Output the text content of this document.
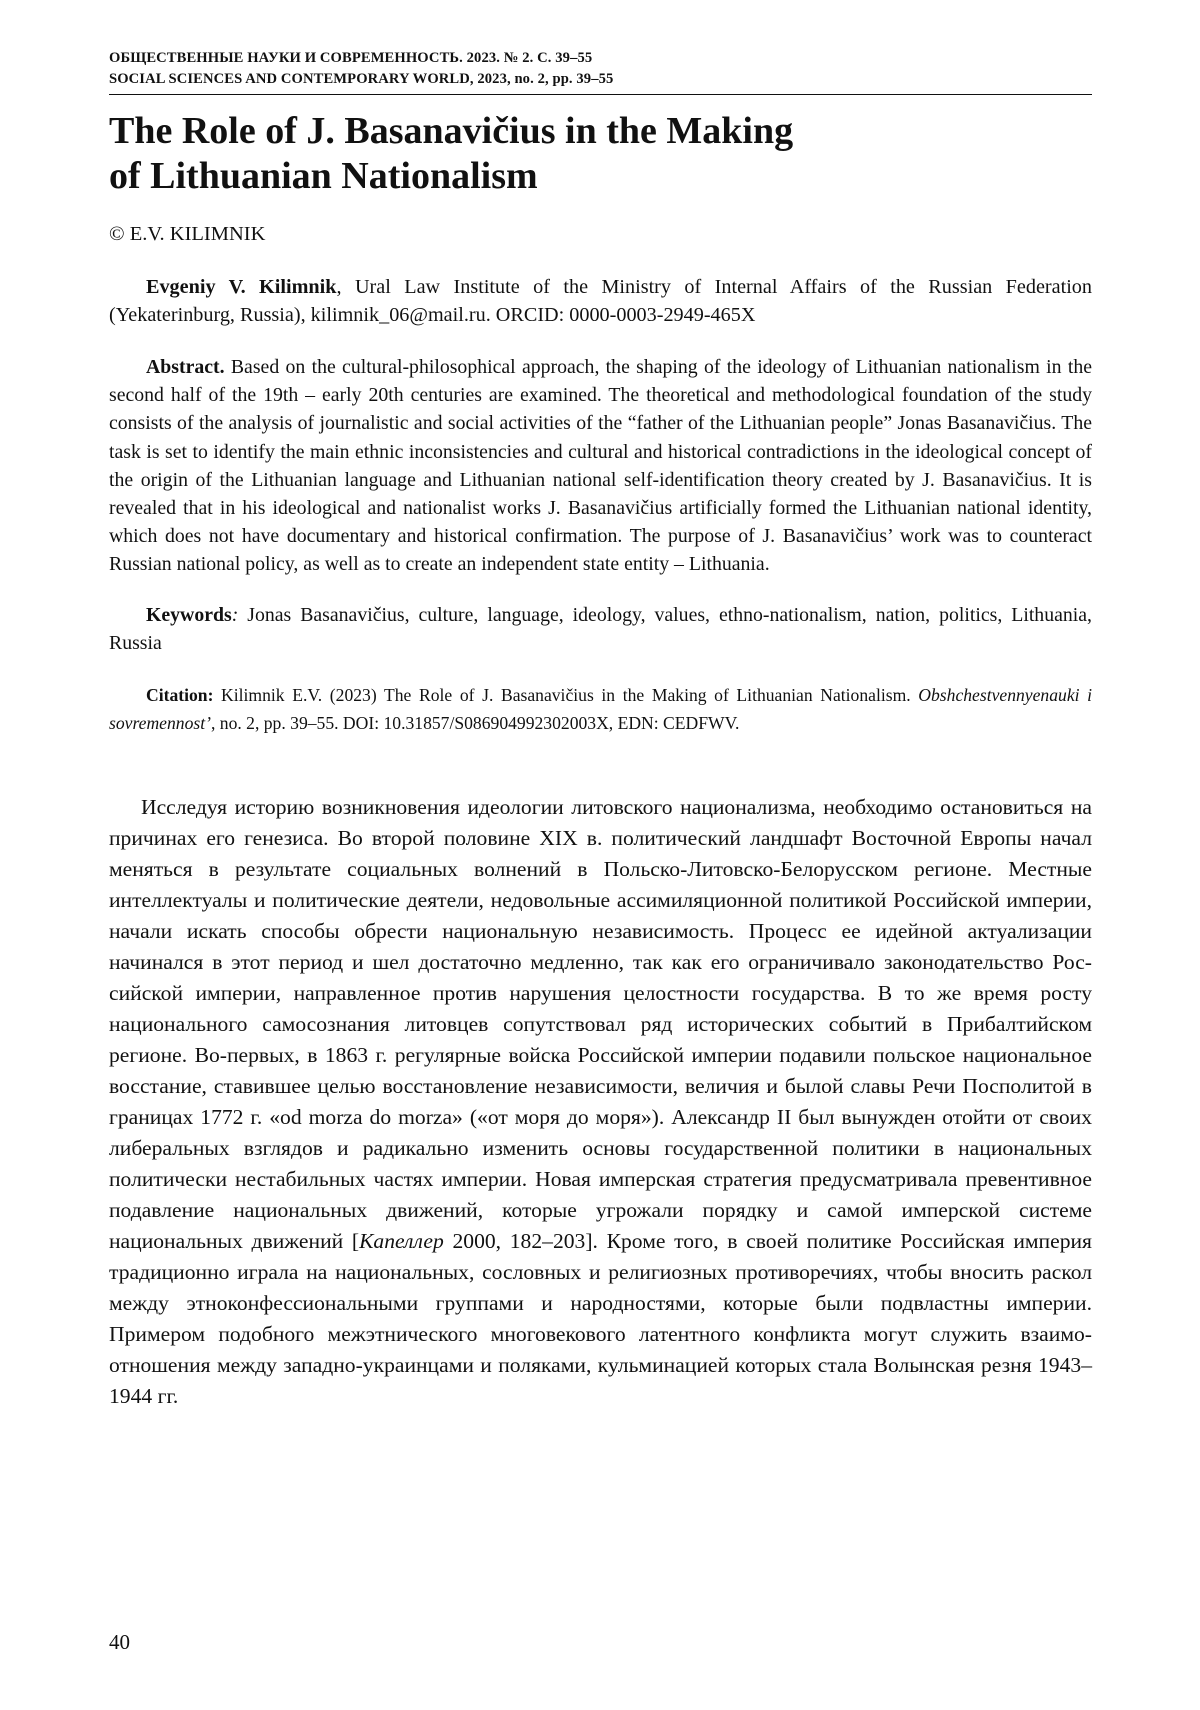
ОБЩЕСТВЕННЫЕ НАУКИ И СОВРЕМЕННОСТЬ. 2023. № 2. С. 39–55
SOCIAL SCIENCES AND CONTEMPORARY WORLD, 2023, no. 2, pp. 39–55
The Role of J. Basanavičius in the Making
of Lithuanian Nationalism
© E.V. KILIMNIK

Evgeniy V. Kilimnik, Ural Law Institute of the Ministry of Internal Affairs of the Russian Federation (Yekaterinburg, Russia), kilimnik_06@mail.ru. ORCID: 0000-0003-2949-465X

Abstract. Based on the cultural-philosophical approach, the shaping of the ideology of Lithuanian nationalism in the second half of the 19th – early 20th centuries are examined. The theoretical and methodological foundation of the study consists of the analysis of journalistic and social activities of the “father of the Lithuanian people” Jonas Basanavičius. The task is set to identify the main ethnic inconsistencies and cultural and historical contradictions in the ideological concept of the origin of the Lithuanian language and Lithuanian national self-identification theory created by J. Basanavičius. It is revealed that in his ideological and nationalist works J. Basanavičius artificially formed the Lithuanian national identity, which does not have documentary and historical confirmation. The purpose of J. Basanavičius’ work was to counteract Russian national policy, as well as to create an independent state entity – Lithuania.

Keywords: Jonas Basanavičius, culture, language, ideology, values, ethno-nationalism, nation, politics, Lithuania, Russia

Citation: Kilimnik E.V. (2023) The Role of J. Basanavičius in the Making of Lithuanian Nationalism. Obshchestvennyenauki i sovremennost’, no. 2, pp. 39–55. DOI: 10.31857/S086904992302003X, EDN: CEDFWV.

Исследуя историю возникновения идеологии литовского национализма, необходимо остановиться на причинах его генезиса. Во второй половине XIX в. политический ландшафт Восточной Европы начал меняться в результате социальных волнений в Польско-Литовско-Белорусском регионе. Местные интеллектуалы и политические деятели, недовольные ассимиляционной политикой Российской империи, начали искать способы обрести национальную независимость. Процесс ее идейной актуализации начинался в этот период и шел достаточно медленно, так как его ограничивало законодательство Российской империи, направленное против нарушения целостности государства. В то же время росту национального самосознания литовцев сопутствовал ряд исторических событий в Прибалтийском регионе. Во-первых, в 1863 г. регулярные войска Российской империи подавили польское национальное восстание, ставившее целью восстановление независимости, величия и былой славы Речи Посполитой в границах 1772 г. «od morza do morza» («от моря до моря»). Александр II был вынужден отойти от своих либеральных взглядов и радикально изменить основы государственной политики в национальных политически нестабильных частях империи. Новая имперская стратегия предусматривала превентивное подавление национальных движений, которые угрожали порядку и самой имперской системе национальных движений [Капеллер 2000, 182–203]. Кроме того, в своей политике Российская империя традиционно играла на национальных, сословных и религиозных противоречиях, чтобы вносить раскол между этноконфессиональными группами и народностями, которые были подвластны империи. Примером подобного межэтнического многовекового латентного конфликта могут служить взаимоотношения между западно-украинцами и поляками, кульминацией которых стала Волынская резня 1943–1944 гг.

40
